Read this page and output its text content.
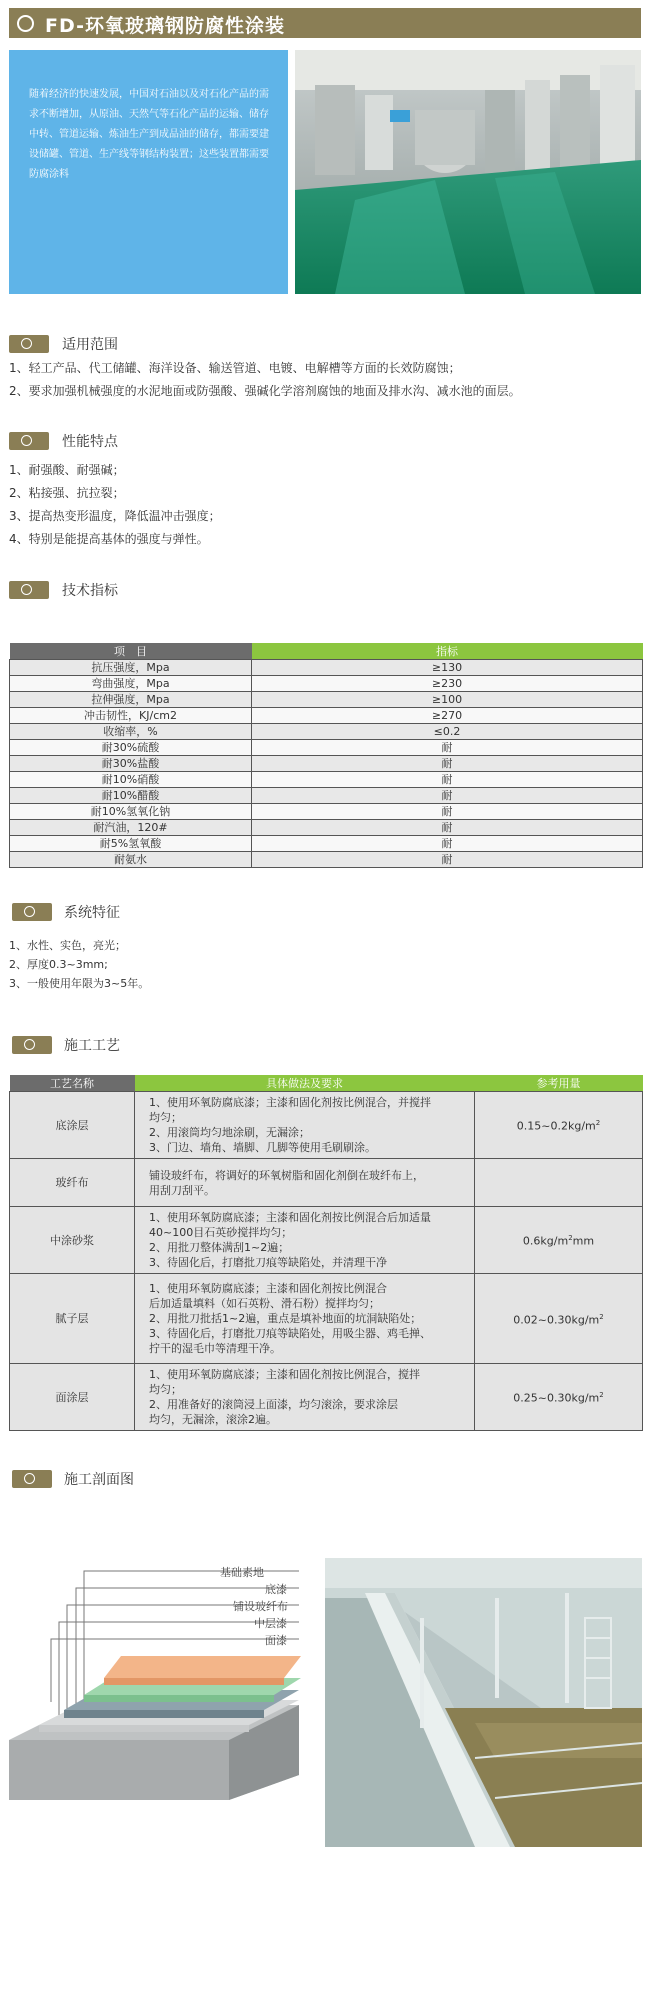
FD-环氧玻璃钢防腐性涂装

随着经济的快速发展，中国对石油以及对石化产品的需求不断增加，从原油、天然气等石化产品的运输、储存中转、管道运输、炼油生产到成品油的储存，都需要建设储罐、管道、生产线等钢结构装置；这些装置都需要防腐涂料

适用范围
1、轻工产品、代工储罐、海洋设备、输送管道、电镀、电解槽等方面的长效防腐蚀；
2、要求加强机械强度的水泥地面或防强酸、强碱化学溶剂腐蚀的地面及排水沟、减水池的面层。
性能特点
1、耐强酸、耐强碱；
2、粘接强、抗拉裂；
3、提高热变形温度，降低温冲击强度；
4、特别是能提高基体的强度与弹性。
技术指标
项　目	指标
抗压强度，Mpa	≥130
弯曲强度，Mpa	≥230
拉伸强度，Mpa	≥100
冲击韧性，KJ/cm2	≥270
收缩率，%	≤0.2
耐30%硫酸	耐
耐30%盐酸	耐
耐10%硝酸	耐
耐10%醋酸	耐
耐10%氢氧化钠	耐
耐汽油，120#	耐
耐5%氢氧酸	耐
耐氨水	耐
系统特征
1、水性、实色，亮光；
2、厚度0.3~3mm;
3、一般使用年限为3~5年。
施工工艺
工艺名称	具体做法及要求	参考用量
底涂层	1、使用环氧防腐底漆；主漆和固化剂按比例混合，并搅拌
均匀；
2、用滚筒均匀地涂刷，无漏涂；
3、门边、墙角、墙脚、几脚等使用毛刷刷涂。	$0.15\sim 0.2kg/m^2$
玻纤布	铺设玻纤布，将调好的环氧树脂和固化剂倒在玻纤布上，
用刮刀刮平。	

中涂砂浆	1、使用环氧防腐底漆；主漆和固化剂按比例混合后加适量
40~100目石英砂搅拌均匀；
2、用批刀整体满刮1~2遍；
3、待固化后，打磨批刀痕等缺陷处，并清理干净	$0.6kg/m^2mm$
腻子层	1、使用环氧防腐底漆；主漆和固化剂按比例混合
后加适量填料（如石英粉、滑石粉）搅拌均匀；
2、用批刀批括1~2遍，重点是填补地面的坑洞缺陷处；
3、待固化后，打磨批刀痕等缺陷处，用吸尘器、鸡毛掸、
拧干的湿毛巾等清理干净。	$0.02\sim 0.30kg/m^2$
面涂层	1、使用环氧防腐底漆；主漆和固化剂按比例混合，搅拌
均匀；
2、用准备好的滚筒浸上面漆，均匀滚涂，要求涂层
均匀，无漏涂，滚涂2遍。	$0.25\sim 0.30kg/m^2$
施工剖面图
基础素地
底漆
铺设玻纤布
中层漆
面漆
